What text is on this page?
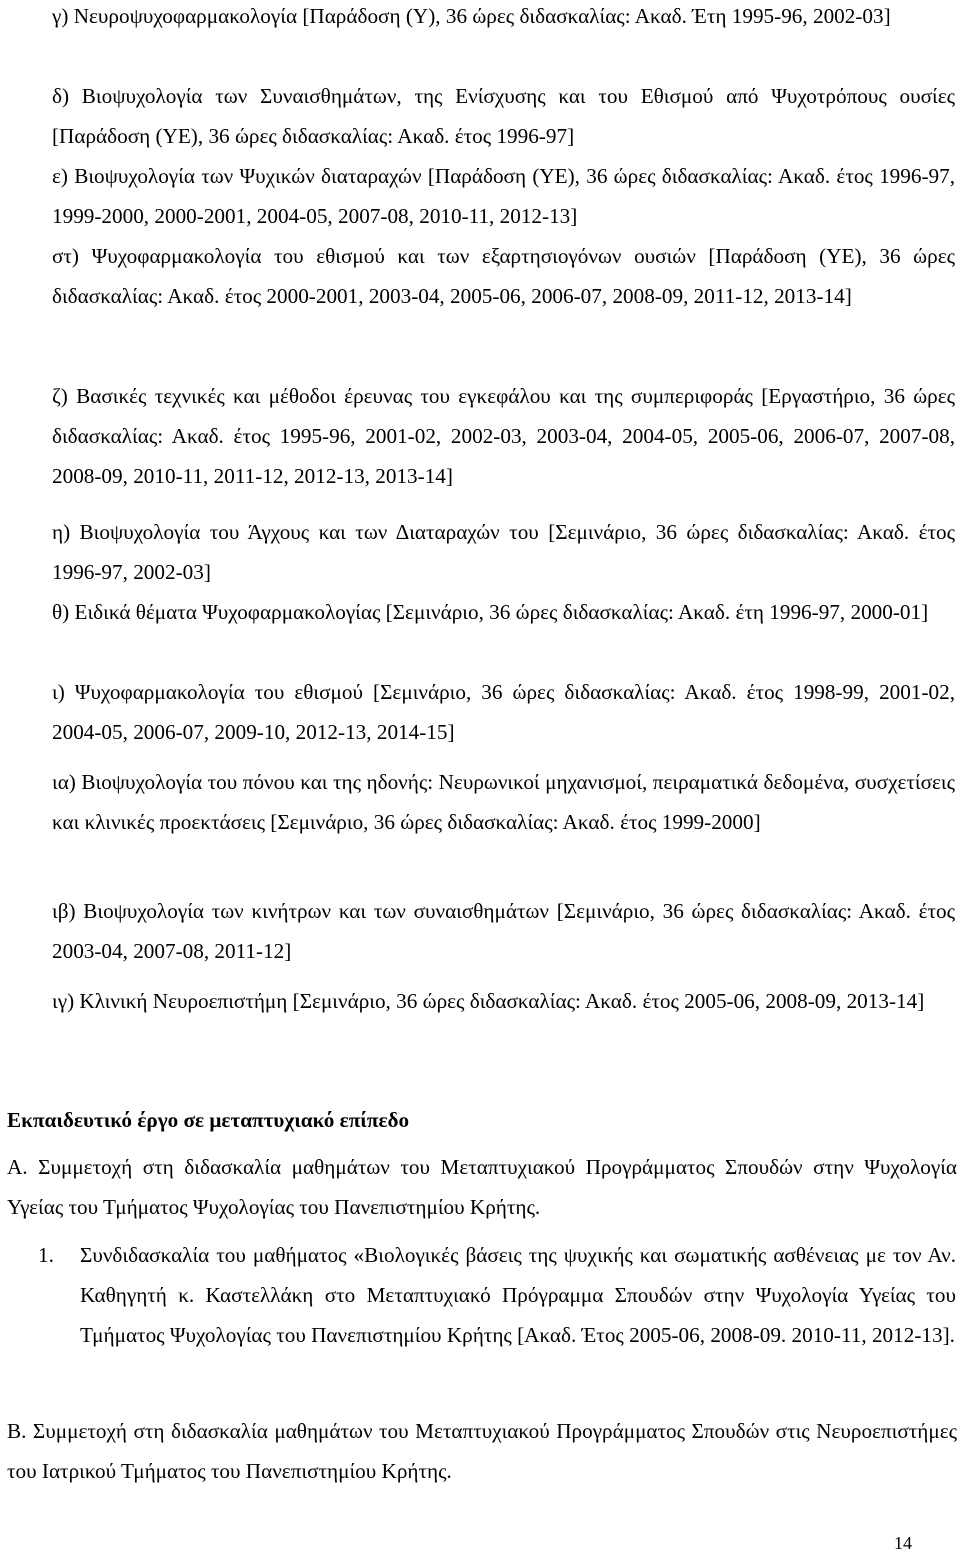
γ) Νευροψυχοφαρμακολογία [Παράδοση (Υ), 36 ώρες διδασκαλίας: Ακαδ. Έτη 1995-96, 2002-03]
δ) Βιοψυχολογία των Συναισθημάτων, της Ενίσχυσης και του Εθισμού από Ψυχοτρόπους ουσίες [Παράδοση (ΥΕ), 36 ώρες διδασκαλίας: Ακαδ. έτος 1996-97]
ε) Βιοψυχολογία των Ψυχικών διαταραχών [Παράδοση (ΥΕ), 36 ώρες διδασκαλίας: Ακαδ. έτος 1996-97, 1999-2000, 2000-2001, 2004-05, 2007-08, 2010-11, 2012-13]
στ) Ψυχοφαρμακολογία του εθισμού και των εξαρτησιογόνων ουσιών [Παράδοση (ΥΕ), 36 ώρες διδασκαλίας: Ακαδ. έτος 2000-2001, 2003-04, 2005-06, 2006-07, 2008-09, 2011-12, 2013-14]
ζ) Βασικές τεχνικές και μέθοδοι έρευνας του εγκεφάλου και της συμπεριφοράς [Εργαστήριο, 36 ώρες διδασκαλίας: Ακαδ. έτος 1995-96, 2001-02, 2002-03, 2003-04, 2004-05, 2005-06, 2006-07, 2007-08, 2008-09, 2010-11, 2011-12, 2012-13, 2013-14]
η) Βιοψυχολογία του Άγχους και των Διαταραχών του [Σεμινάριο, 36 ώρες διδασκαλίας: Ακαδ. έτος 1996-97, 2002-03]
θ) Ειδικά θέματα Ψυχοφαρμακολογίας [Σεμινάριο, 36 ώρες διδασκαλίας: Ακαδ. έτη 1996-97, 2000-01]
ι) Ψυχοφαρμακολογία του εθισμού [Σεμινάριο, 36 ώρες διδασκαλίας: Ακαδ. έτος 1998-99, 2001-02, 2004-05, 2006-07, 2009-10, 2012-13, 2014-15]
ια) Βιοψυχολογία του πόνου και της ηδονής: Νευρωνικοί μηχανισμοί, πειραματικά δεδομένα, συσχετίσεις και κλινικές προεκτάσεις [Σεμινάριο, 36 ώρες διδασκαλίας: Ακαδ. έτος 1999-2000]
ιβ) Βιοψυχολογία των κινήτρων και των συναισθημάτων [Σεμινάριο, 36 ώρες διδασκαλίας: Ακαδ. έτος 2003-04, 2007-08, 2011-12]
ιγ) Κλινική Νευροεπιστήμη [Σεμινάριο, 36 ώρες διδασκαλίας: Ακαδ. έτος 2005-06, 2008-09, 2013-14]
Εκπαιδευτικό έργο σε μεταπτυχιακό επίπεδο
Α. Συμμετοχή στη διδασκαλία μαθημάτων του Μεταπτυχιακού Προγράμματος Σπουδών στην Ψυχολογία Υγείας του Τμήματος Ψυχολογίας του Πανεπιστημίου Κρήτης.
1. Συνδιδασκαλία του μαθήματος «Βιολογικές βάσεις της ψυχικής και σωματικής ασθένειας με τον Αν. Καθηγητή κ. Καστελλάκη στο Μεταπτυχιακό Πρόγραμμα Σπουδών στην Ψυχολογία Υγείας του Τμήματος Ψυχολογίας του Πανεπιστημίου Κρήτης [Ακαδ. Έτος 2005-06, 2008-09. 2010-11, 2012-13].
Β. Συμμετοχή στη διδασκαλία μαθημάτων του Μεταπτυχιακού Προγράμματος Σπουδών στις Νευροεπιστήμες του Ιατρικού Τμήματος του Πανεπιστημίου Κρήτης.
14
